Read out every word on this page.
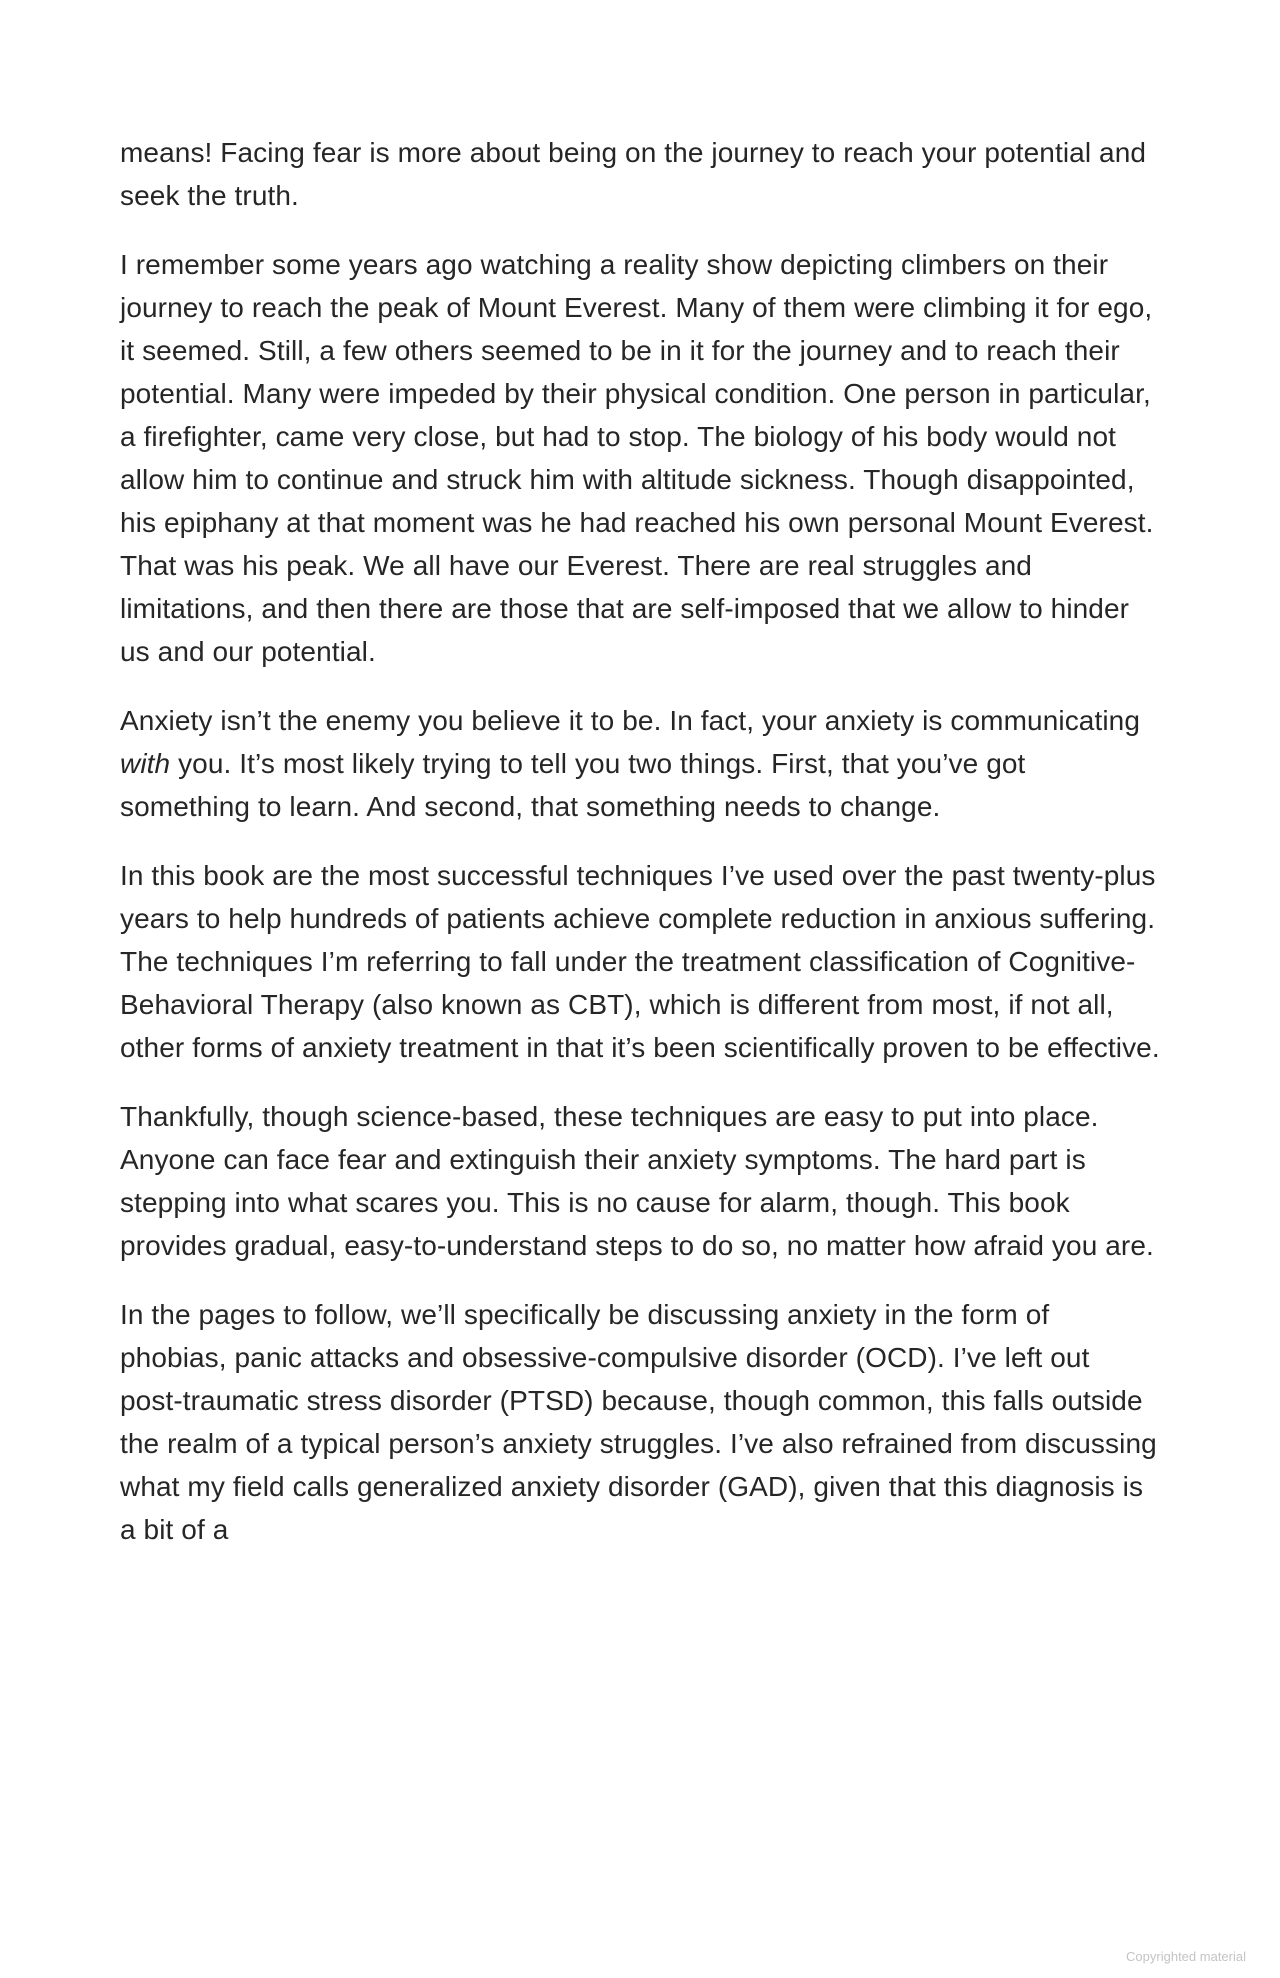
means! Facing fear is more about being on the journey to reach your potential and seek the truth.

I remember some years ago watching a reality show depicting climbers on their journey to reach the peak of Mount Everest. Many of them were climbing it for ego, it seemed. Still, a few others seemed to be in it for the journey and to reach their potential. Many were impeded by their physical condition. One person in particular, a firefighter, came very close, but had to stop. The biology of his body would not allow him to continue and struck him with altitude sickness. Though disappointed, his epiphany at that moment was he had reached his own personal Mount Everest. That was his peak. We all have our Everest. There are real struggles and limitations, and then there are those that are self-imposed that we allow to hinder us and our potential.

Anxiety isn’t the enemy you believe it to be. In fact, your anxiety is communicating with you. It’s most likely trying to tell you two things. First, that you’ve got something to learn. And second, that something needs to change.

In this book are the most successful techniques I’ve used over the past twenty-plus years to help hundreds of patients achieve complete reduction in anxious suffering. The techniques I’m referring to fall under the treatment classification of Cognitive-Behavioral Therapy (also known as CBT), which is different from most, if not all, other forms of anxiety treatment in that it’s been scientifically proven to be effective.

Thankfully, though science-based, these techniques are easy to put into place. Anyone can face fear and extinguish their anxiety symptoms. The hard part is stepping into what scares you. This is no cause for alarm, though. This book provides gradual, easy-to-understand steps to do so, no matter how afraid you are.

In the pages to follow, we’ll specifically be discussing anxiety in the form of phobias, panic attacks and obsessive-compulsive disorder (OCD). I’ve left out post-traumatic stress disorder (PTSD) because, though common, this falls outside the realm of a typical person’s anxiety struggles. I’ve also refrained from discussing what my field calls generalized anxiety disorder (GAD), given that this diagnosis is a bit of a

Copyrighted material
